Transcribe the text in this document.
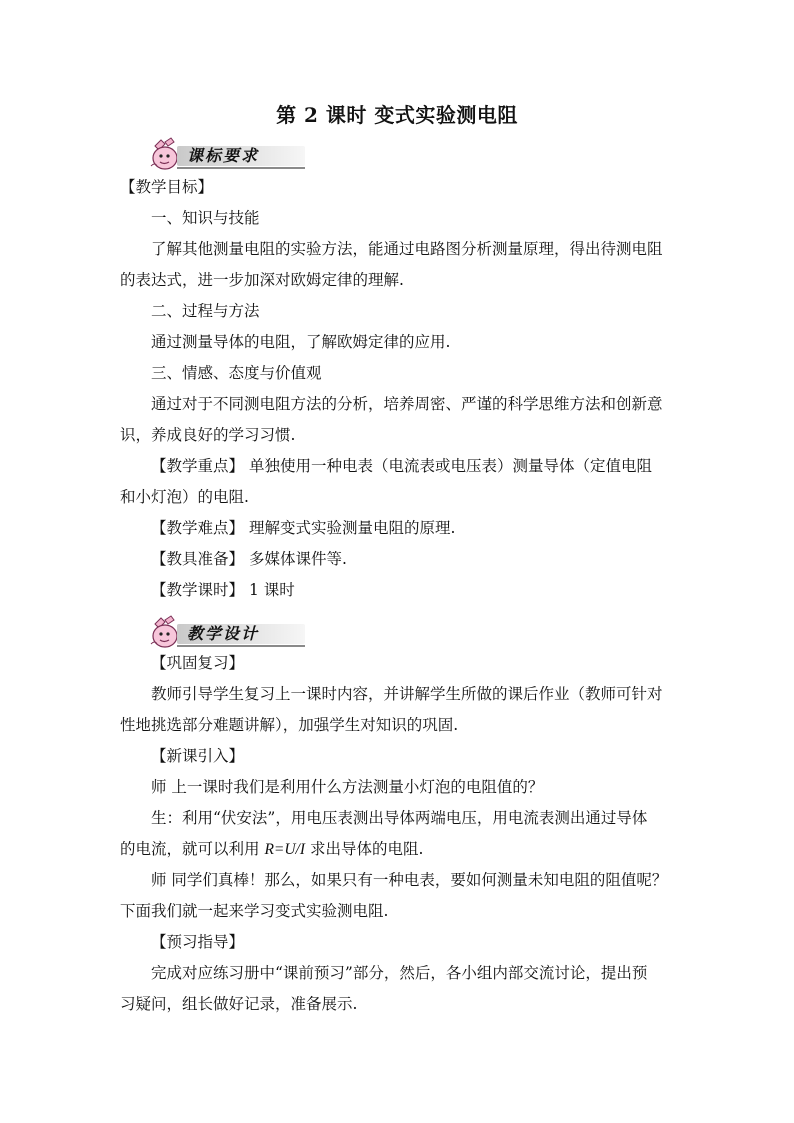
第 2 课时 变式实验测电阻
课标要求
教学设计

【教学目标】

一、知识与技能

了解其他测量电阻的实验方法，能通过电路图分析测量原理，得出待测电阻

的表达式，进一步加深对欧姆定律的理解.

二、过程与方法

通过测量导体的电阻，了解欧姆定律的应用.

三、情感、态度与价值观

通过对于不同测电阻方法的分析，培养周密、严谨的科学思维方法和创新意

识，养成良好的学习习惯.

【教学重点】 单独使用一种电表（电流表或电压表）测量导体（定值电阻

和小灯泡）的电阻.

【教学难点】 理解变式实验测量电阻的原理.

【教具准备】 多媒体课件等.

【教学课时】 1 课时

【巩固复习】

教师引导学生复习上一课时内容，并讲解学生所做的课后作业（教师可针对

性地挑选部分难题讲解），加强学生对知识的巩固.

【新课引入】

师 上一课时我们是利用什么方法测量小灯泡的电阻值的？

生：利用“伏安法”，用电压表测出导体两端电压，用电流表测出通过导体

的电流，就可以利用 R=U/I 求出导体的电阻.

师 同学们真棒！那么，如果只有一种电表，要如何测量未知电阻的阻值呢？

下面我们就一起来学习变式实验测电阻.

【预习指导】

完成对应练习册中“课前预习”部分，然后，各小组内部交流讨论，提出预

习疑问，组长做好记录，准备展示.
